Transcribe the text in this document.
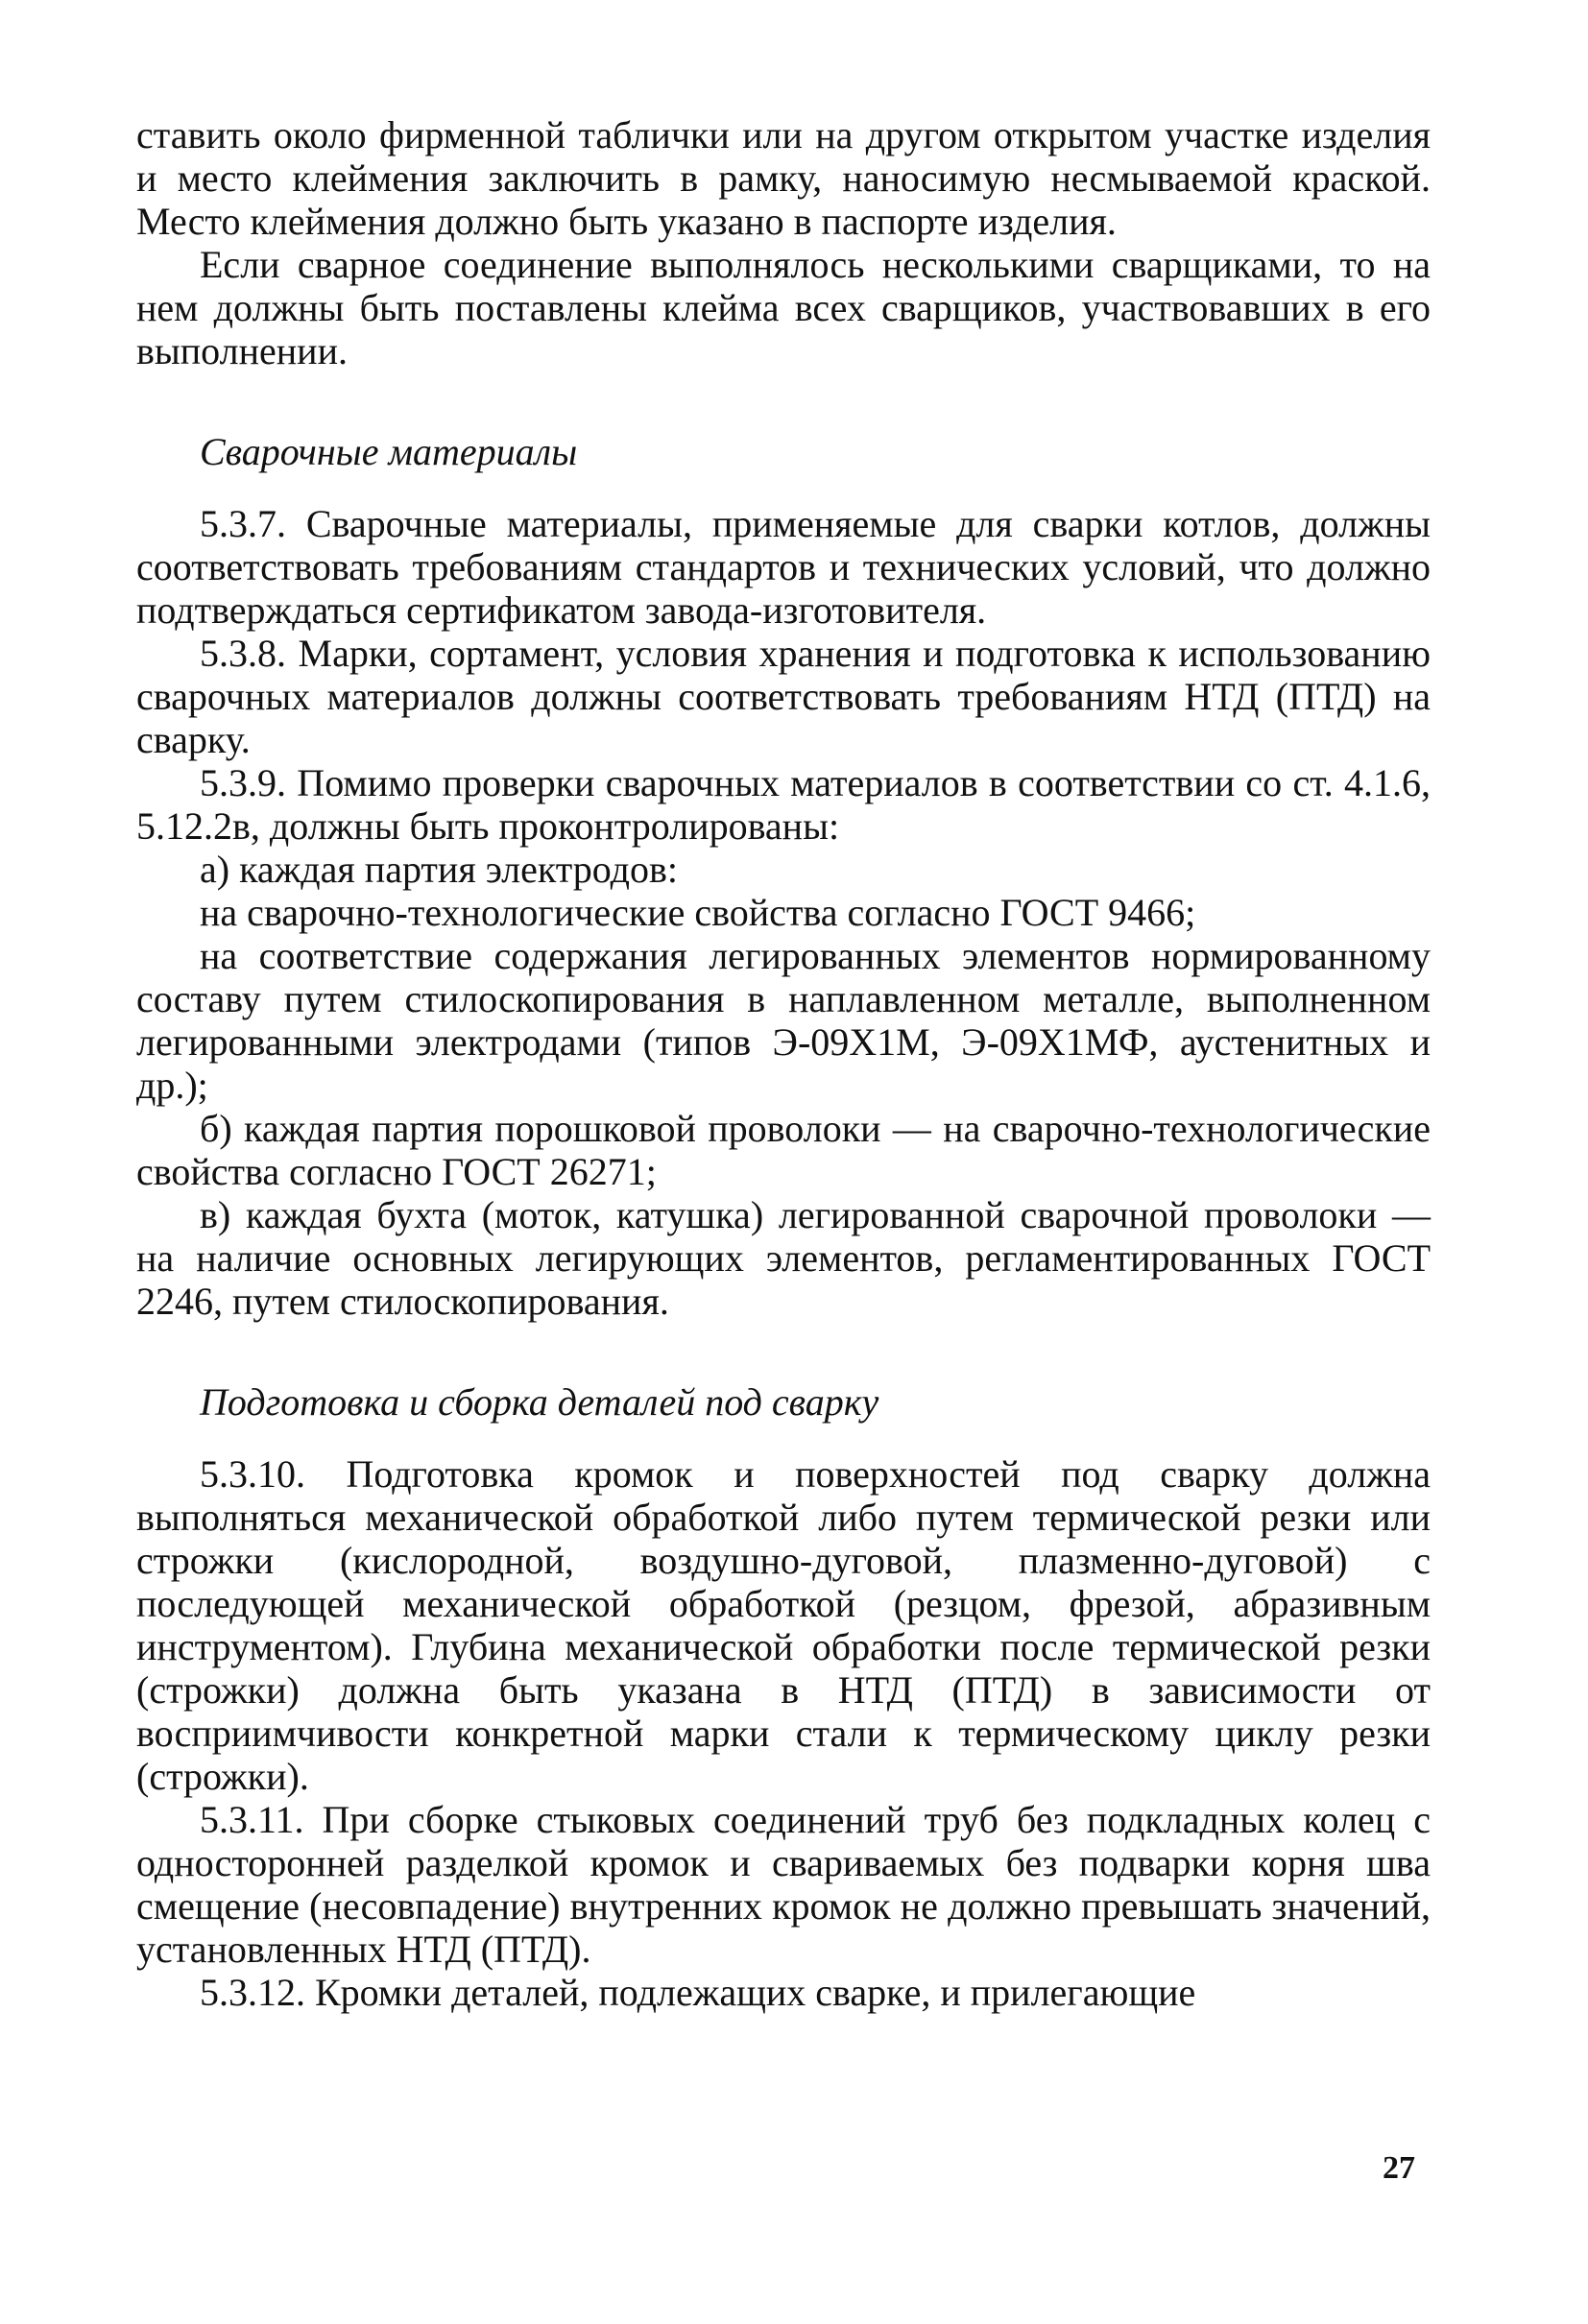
ставить около фирменной таблички или на другом открытом участке изделия и место клеймения заключить в рамку, наносимую несмываемой краской. Место клеймения должно быть указано в паспорте изделия.

Если сварное соединение выполнялось несколькими сварщиками, то на нем должны быть поставлены клейма всех сварщиков, участвовавших в его выполнении.

Сварочные материалы

5.3.7. Сварочные материалы, применяемые для сварки котлов, должны соответствовать требованиям стандартов и технических условий, что должно подтверждаться сертификатом завода-изготовителя.

5.3.8. Марки, сортамент, условия хранения и подготовка к использованию сварочных материалов должны соответствовать требованиям НТД (ПТД) на сварку.

5.3.9. Помимо проверки сварочных материалов в соответствии со ст. 4.1.6, 5.12.2в, должны быть проконтролированы:

а) каждая партия электродов:

на сварочно-технологические свойства согласно ГОСТ 9466;

на соответствие содержания легированных элементов нормированному составу путем стилоскопирования в наплавленном металле, выполненном легированными электродами (типов Э-09Х1М, Э-09Х1МФ, аустенитных и др.);

б) каждая партия порошковой проволоки — на сварочно-технологические свойства согласно ГОСТ 26271;

в) каждая бухта (моток, катушка) легированной сварочной проволоки — на наличие основных легирующих элементов, регламентированных ГОСТ 2246, путем стилоскопирования.

Подготовка и сборка деталей под сварку

5.3.10. Подготовка кромок и поверхностей под сварку должна выполняться механической обработкой либо путем термической резки или строжки (кислородной, воздушно-дуговой, плазменно-дуговой) с последующей механической обработкой (резцом, фрезой, абразивным инструментом). Глубина механической обработки после термической резки (строжки) должна быть указана в НТД (ПТД) в зависимости от восприимчивости конкретной марки стали к термическому циклу резки (строжки).

5.3.11. При сборке стыковых соединений труб без подкладных колец с односторонней разделкой кромок и свариваемых без подварки корня шва смещение (несовпадение) внутренних кромок не должно превышать значений, установленных НТД (ПТД).

5.3.12. Кромки деталей, подлежащих сварке, и прилегающие

27
